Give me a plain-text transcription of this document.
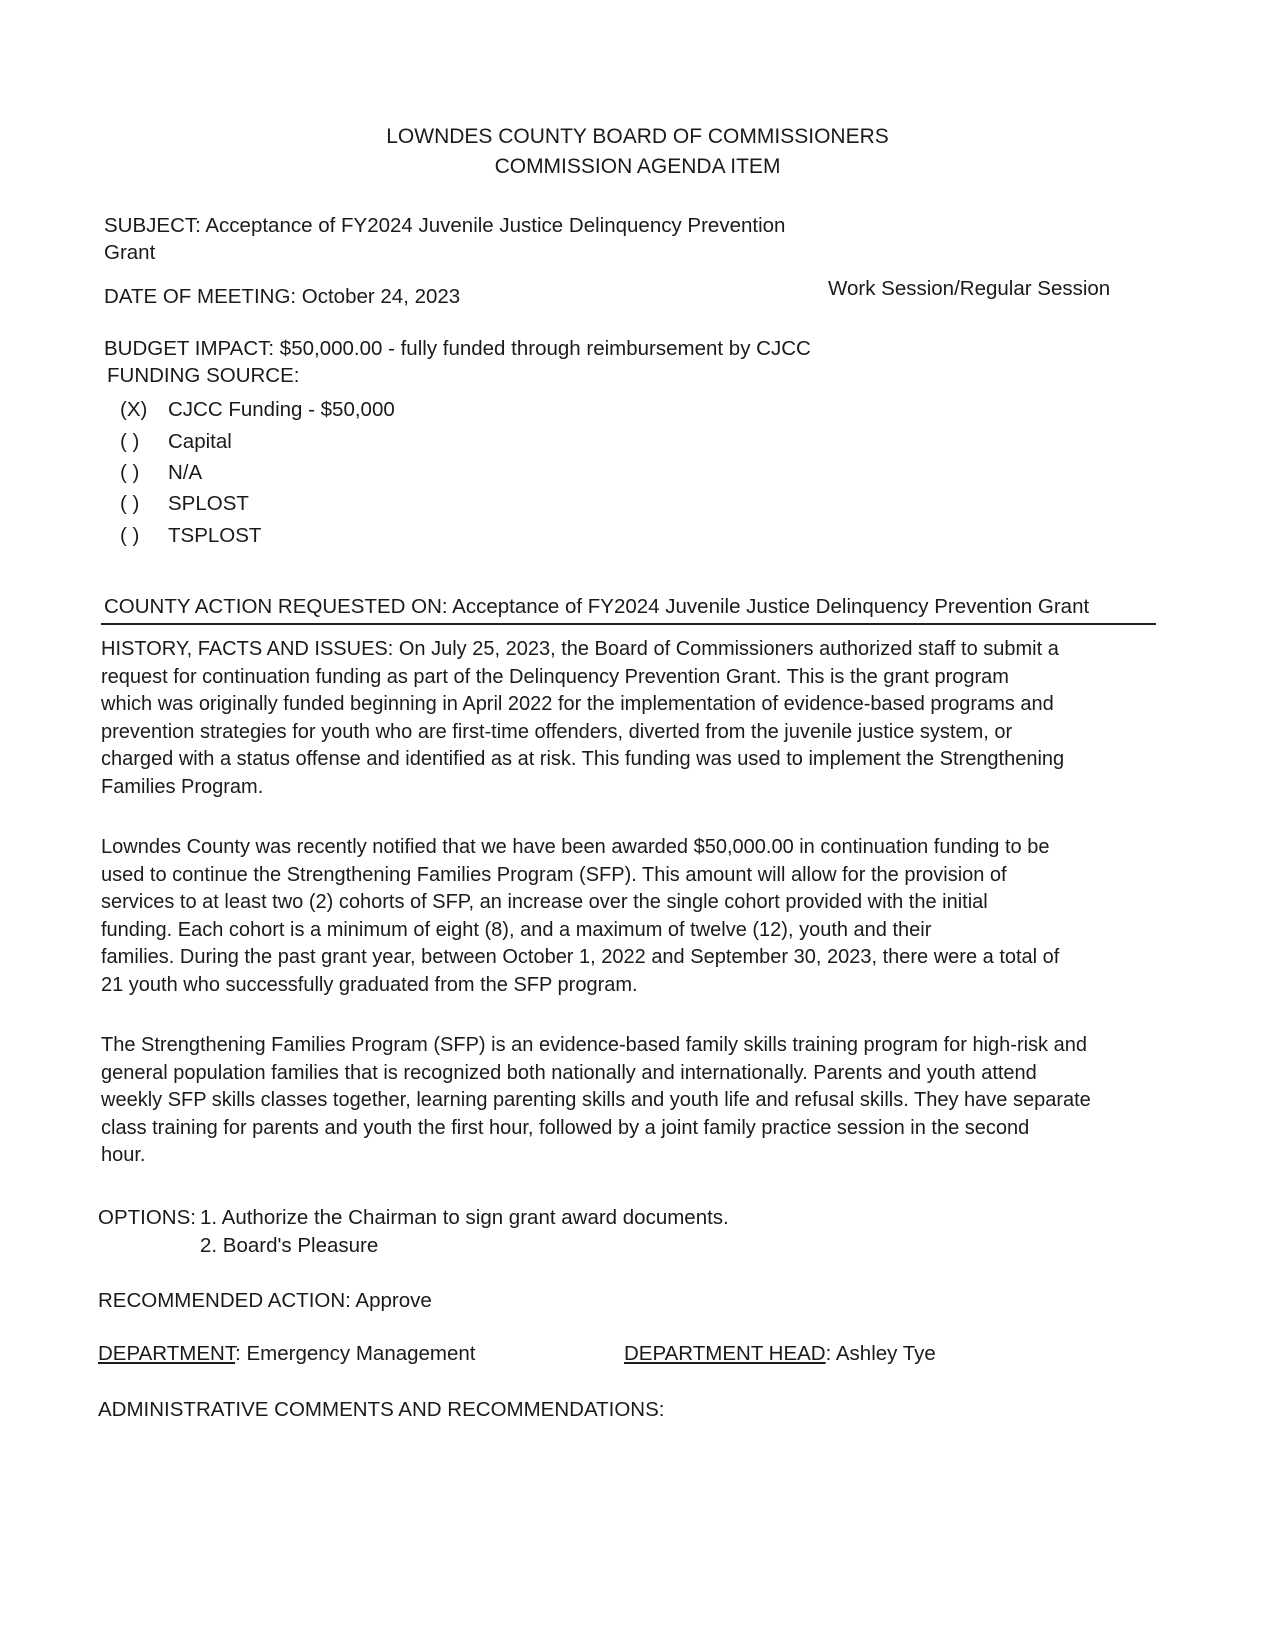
LOWNDES COUNTY BOARD OF COMMISSIONERS
COMMISSION AGENDA ITEM
SUBJECT: Acceptance of FY2024 Juvenile Justice Delinquency Prevention
Grant
DATE OF MEETING: October 24, 2023	Work Session/Regular Session
BUDGET IMPACT: $50,000.00 - fully funded through reimbursement by CJCC
FUNDING SOURCE:
(X) CJCC Funding - $50,000
( ) Capital
( ) N/A
( ) SPLOST
( ) TSPLOST
COUNTY ACTION REQUESTED ON: Acceptance of FY2024 Juvenile Justice Delinquency Prevention Grant
HISTORY, FACTS AND ISSUES: On July 25, 2023, the Board of Commissioners authorized staff to submit a
request for continuation funding as part of the Delinquency Prevention Grant. This is the grant program
which was originally funded beginning in April 2022 for the implementation of evidence-based programs and
prevention strategies for youth who are first-time offenders, diverted from the juvenile justice system, or
charged with a status offense and identified as at risk. This funding was used to implement the Strengthening
Families Program.
Lowndes County was recently notified that we have been awarded $50,000.00 in continuation funding to be
used to continue the Strengthening Families Program (SFP). This amount will allow for the provision of
services to at least two (2) cohorts of SFP, an increase over the single cohort provided with the initial
funding. Each cohort is a minimum of eight (8), and a maximum of twelve (12), youth and their
families. During the past grant year, between October 1, 2022 and September 30, 2023, there were a total of
21 youth who successfully graduated from the SFP program.
The Strengthening Families Program (SFP) is an evidence-based family skills training program for high-risk and
general population families that is recognized both nationally and internationally. Parents and youth attend
weekly SFP skills classes together, learning parenting skills and youth life and refusal skills. They have separate
class training for parents and youth the first hour, followed by a joint family practice session in the second
hour.
OPTIONS: 1. Authorize the Chairman to sign grant award documents.
2. Board's Pleasure
RECOMMENDED ACTION: Approve
DEPARTMENT: Emergency Management	DEPARTMENT HEAD: Ashley Tye
ADMINISTRATIVE COMMENTS AND RECOMMENDATIONS:
